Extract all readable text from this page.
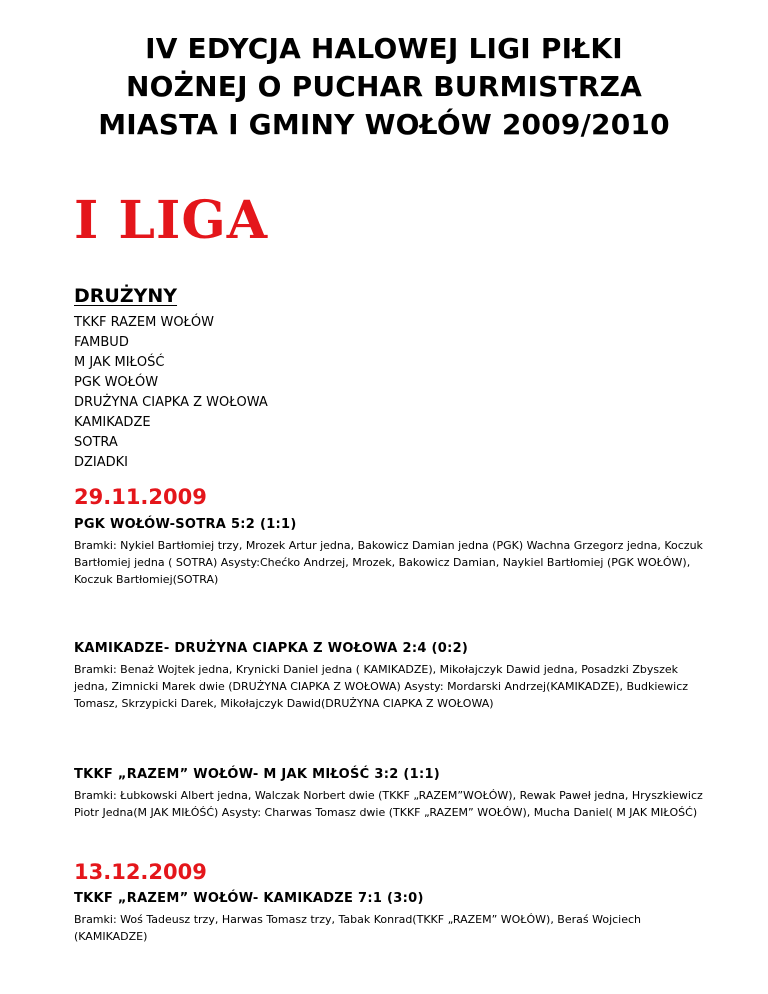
IV EDYCJA HALOWEJ LIGI PIŁKI
NOŻNEJ O PUCHAR BURMISTRZA
MIASTA I GMINY WOŁÓW 2009/2010
I LIGA
DRUŻYNY
TKKF RAZEM WOŁÓW
FAMBUD
M JAK MIŁOŚĆ
PGK WOŁÓW
DRUŻYNA CIAPKA Z WOŁOWA
KAMIKADZE
SOTRA
DZIADKI
29.11.2009
PGK WOŁÓW-SOTRA 5:2 (1:1)
Bramki: Nykiel Bartłomiej trzy, Mrozek Artur jedna, Bakowicz Damian jedna (PGK) Wachna Grzegorz jedna, Koczuk Bartłomiej jedna ( SOTRA) Asysty:Chećko Andrzej, Mrozek, Bakowicz Damian, Naykiel Bartłomiej (PGK WOŁÓW), Koczuk Bartłomiej(SOTRA)
KAMIKADZE- DRUŻYNA CIAPKA Z WOŁOWA 2:4 (0:2)
Bramki: Benaż Wojtek jedna, Krynicki Daniel jedna ( KAMIKADZE), Mikołajczyk Dawid jedna, Posadzki Zbyszek jedna, Zimnicki Marek dwie (DRUŻYNA CIAPKA Z WOŁOWA) Asysty: Mordarski Andrzej(KAMIKADZE), Budkiewicz Tomasz, Skrzypicki Darek, Mikołajczyk Dawid(DRUŻYNA CIAPKA Z WOŁOWA)
TKKF „RAZEM” WOŁÓW- M JAK MIŁOŚĆ 3:2 (1:1)
Bramki: Łubkowski Albert jedna, Walczak Norbert dwie (TKKF „RAZEM”WOŁÓW), Rewak Paweł jedna, Hryszkiewicz Piotr Jedna(M JAK MIŁÓŚĆ) Asysty: Charwas Tomasz dwie (TKKF „RAZEM” WOŁÓW), Mucha Daniel( M JAK MIŁOŚĆ)
13.12.2009
TKKF „RAZEM” WOŁÓW- KAMIKADZE 7:1 (3:0)
Bramki: Woś Tadeusz trzy, Harwas Tomasz trzy, Tabak Konrad(TKKF „RAZEM” WOŁÓW), Beraś Wojciech (KAMIKADZE)
